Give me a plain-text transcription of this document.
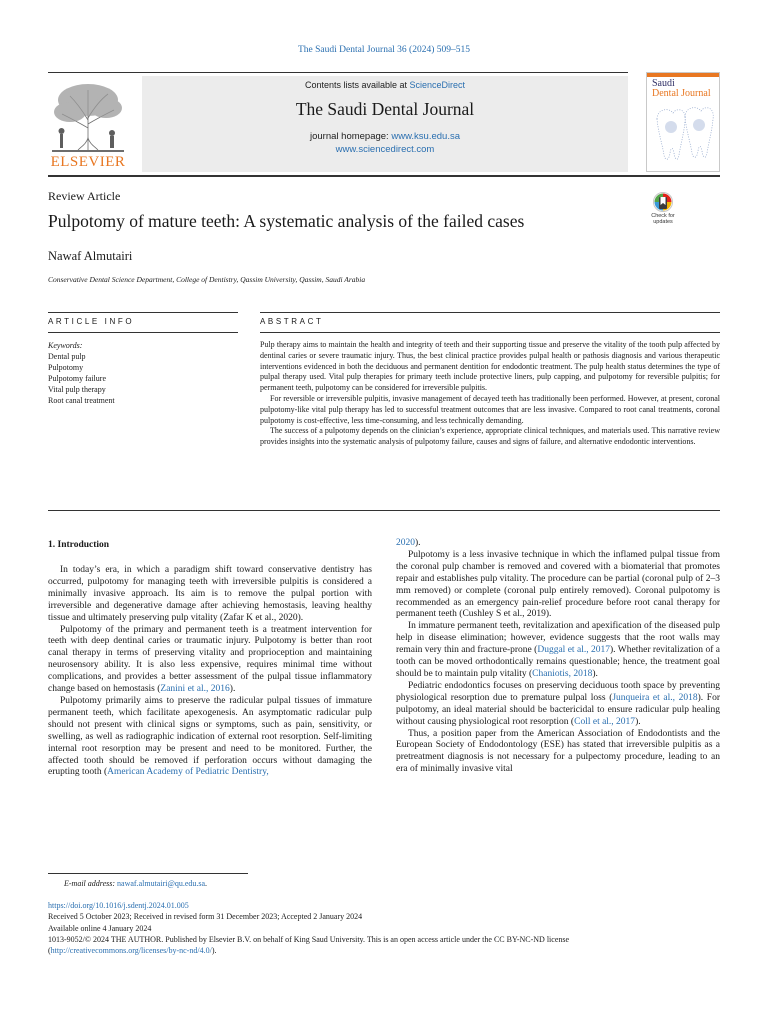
The Saudi Dental Journal 36 (2024) 509–515
ELSEVIER
Contents lists available at ScienceDirect
The Saudi Dental Journal
journal homepage: www.ksu.edu.sa
www.sciencedirect.com
Saudi
Dental Journal
Review Article
Pulpotomy of mature teeth: A systematic analysis of the failed cases	Check for
updates
Nawaf Almutairi
Conservative Dental Science Department, College of Dentistry, Qassim University, Qassim, Saudi Arabia
ARTICLE INFO	ABSTRACT
Keywords:
Dental pulp
Pulpotomy
Pulpotomy failure
Vital pulp therapy
Root canal treatment

Pulp therapy aims to maintain the health and integrity of teeth and their supporting tissue and preserve the vitality of the tooth pulp affected by dentinal caries or severe traumatic injury. Thus, the best clinical practice provides pulpal health or pathosis diagnosis and various therapeutic interventions evidenced in both the deciduous and permanent dentition for endodontic treatment. The pulp health status determines the type of pulpal therapy used. Vital pulp therapies for primary teeth include protective liners, pulp capping, and pulpotomy for reversible pulpitis; for permanent teeth, pulpotomy can be considered for irreversible pulpitis.

For reversible or irreversible pulpitis, invasive management of decayed teeth has traditionally been performed. However, at present, coronal pulpotomy-like vital pulp therapy has led to successful treatment outcomes that are less invasive. Compared to root canal treatments, coronal pulpotomy is cost-effective, less time-consuming, and less technically demanding.

The success of a pulpotomy depends on the clinician’s experience, appropriate clinical techniques, and materials used. This narrative review provides insights into the systematic analysis of pulpotomy failure, causes and signs of failure, and alternative endodontic interventions.

1. Introduction

In today’s era, in which a paradigm shift toward conservative dentistry has occurred, pulpotomy for managing teeth with irreversible pulpitis is considered a minimally invasive approach. Its aim is to remove the pulpal portion with irreversible and degenerative damage after achieving hemostasis, leaving healthy tissue and ultimately preserving pulp vitality (Zafar K et al., 2020).

Pulpotomy of the primary and permanent teeth is a treatment intervention for teeth with deep dentinal caries or traumatic injury. Pulpotomy is better than root canal therapy in terms of preserving vitality and proprioception and maintaining neurosensory ability. It is also less expensive, requires minimal time without complications, and provides a better assessment of the pulpal tissue inflammatory change based on hemostasis (Zanini et al., 2016).

Pulpotomy primarily aims to preserve the radicular pulpal tissues of immature permanent teeth, which facilitate apexogenesis. An asymptomatic radicular pulp should not present with clinical signs or symptoms, such as pain, sensitivity, or swelling, as well as radiographic indication of external root resorption. Self-limiting internal root resorption may be present and need to be monitored. Further, the affected tooth should be removed if perforation occurs without damaging the erupting tooth (American Academy of Pediatric Dentistry,

2020).

Pulpotomy is a less invasive technique in which the inflamed pulpal tissue from the coronal pulp chamber is removed and covered with a biomaterial that promotes repair and establishes pulp vitality. The procedure can be partial (coronal pulp of 2–3 mm removed) or complete (coronal pulp entirely removed). Coronal pulpotomy is recommended as an emergency pain-relief procedure before root canal therapy for permanent teeth (Cushley S et al., 2019).

In immature permanent teeth, revitalization and apexification of the diseased pulp help in disease elimination; however, evidence suggests that the root walls may remain very thin and fracture-prone (Duggal et al., 2017). Whether revitalization of a tooth can be moved orthodontically remains questionable; hence, the treatment goal should be to maintain pulp vitality (Chaniotis, 2018).

Pediatric endodontics focuses on preserving deciduous tooth space by preventing physiological resorption due to premature pulpal loss (Junqueira et al., 2018). For pulpotomy, an ideal material should be bactericidal to ensure radicular pulp healing without causing physiological root resorption (Coll et al., 2017).

Thus, a position paper from the American Association of Endodontists and the European Society of Endodontology (ESE) has stated that irreversible pulpitis as a pretreatment diagnosis is not necessary for a pulpectomy procedure, leading to an era of minimally invasive vital

E-mail address: nawaf.almutairi@qu.edu.sa.
https://doi.org/10.1016/j.sdentj.2024.01.005
Received 5 October 2023; Received in revised form 31 December 2023; Accepted 2 January 2024
Available online 4 January 2024
1013-9052/© 2024 THE AUTHOR. Published by Elsevier B.V. on behalf of King Saud University. This is an open access article under the CC BY-NC-ND license
(http://creativecommons.org/licenses/by-nc-nd/4.0/).
